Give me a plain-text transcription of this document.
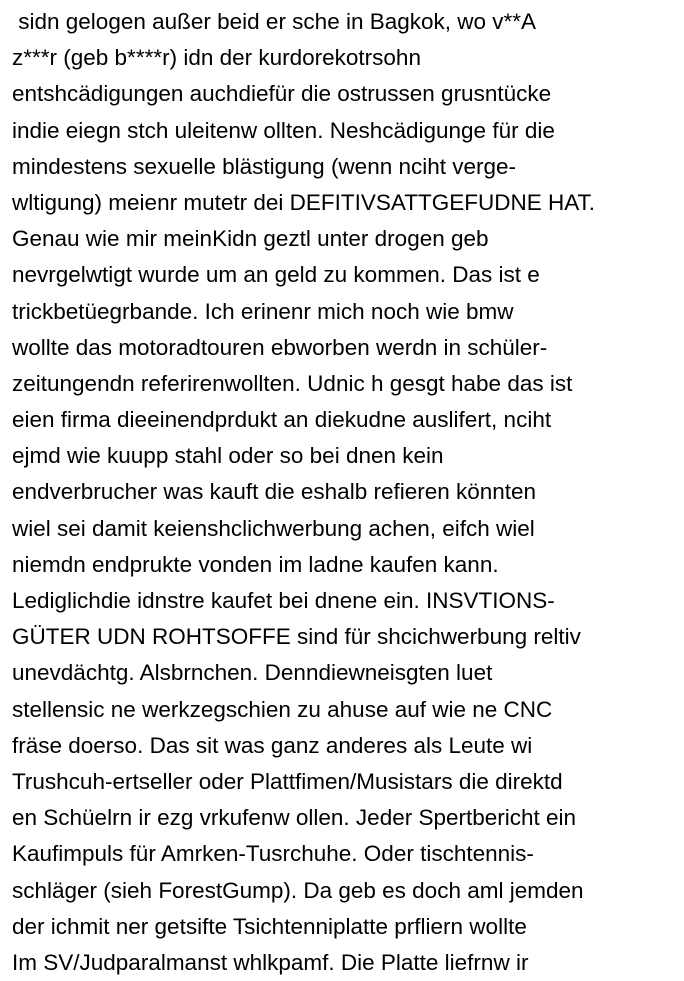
sidn gelogen außer beid er sche in Bagkok, wo v**A
z***r (geb b****r) idn der kurdorekotrsohn
entshcädigungen auchdiefür die ostrussen grusntücke
indie eiegn stch uleitenw ollten. Neshcädigunge für die
mindestens sexuelle blästigung (wenn nciht verge-
wltigung) meienr mutetr dei DEFITIVSATTGEFUDNE HAT.
Genau wie mir meinKidn geztl unter drogen geb
nevrgelwtigt wurde um an geld zu kommen. Das ist e
trickbetüegrbande. Ich erinenr mich noch wie bmw
wollte das motoradtouren ebworben werdn in schüler-
zeitungendn referirenwollten. Udnic h gesgt habe das ist
eien firma dieeinendprdukt an diekudne auslifert, nciht
ejmd wie kuupp stahl oder so bei dnen kein
endverbrucher was kauft die eshalb refieren könnten
wiel sei damit keienshclichwerbung achen, eifch wiel
niemdn endprukte vonden im ladne kaufen kann.
Lediglichdie idnstre kaufet bei dnene ein. INSVTIONS-
GÜTER UDN ROHTSOFFE sind für shcichwerbung reltiv
unevdächtg. Alsbrnchen. Denndiewneisgten luet
stellensic ne werkzegschien zu ahuse auf wie ne CNC
fräse doerso. Das sit was ganz anderes als Leute wi
Trushcuh-ertseller oder Plattfimen/Musistars die direktd
en Schüelrn ir ezg vrkufenw ollen. Jeder Spertbericht ein
Kaufimpuls für Amrken-Tusrchuhe. Oder tischtennis-
schläger (sieh ForestGump). Da geb es doch aml jemden
der ichmit ner getsifte Tsichtenniplatte prfliern wollte
Im SV/Judparalmanst whlkpamf. Die Platte liefrnw ir
